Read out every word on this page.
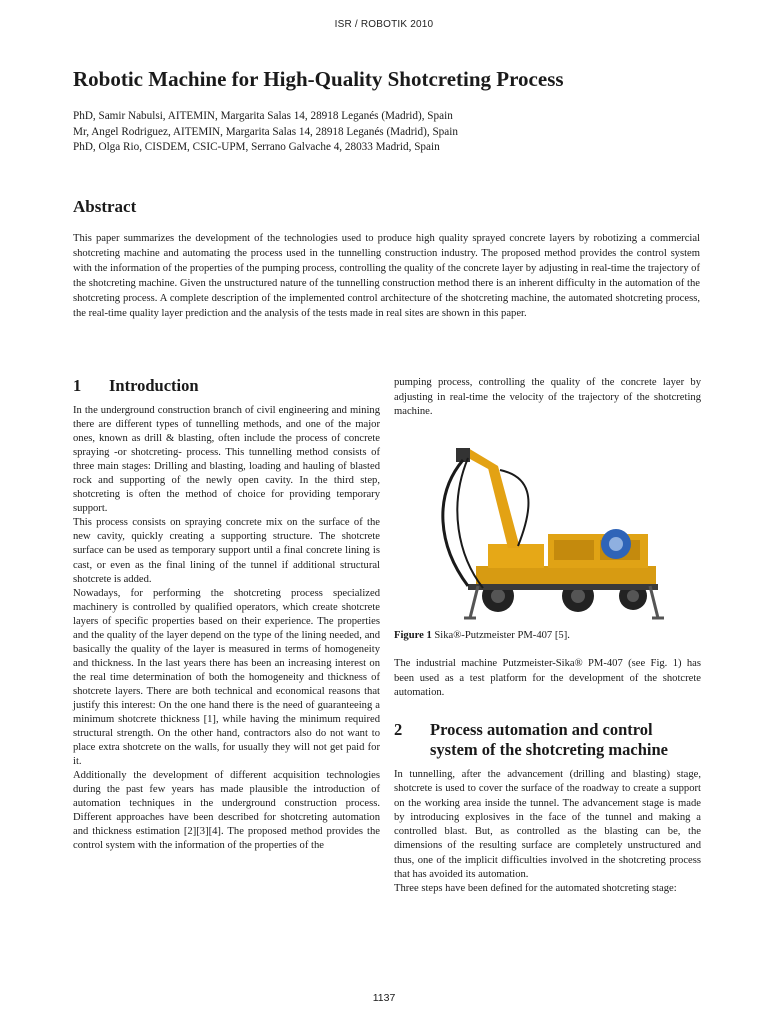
ISR / ROBOTIK 2010
Robotic Machine for High-Quality Shotcreting Process
PhD, Samir Nabulsi, AITEMIN, Margarita Salas 14, 28918 Leganés (Madrid), Spain
Mr, Angel Rodriguez, AITEMIN, Margarita Salas 14, 28918 Leganés (Madrid), Spain
PhD, Olga Rio, CISDEM, CSIC-UPM, Serrano Galvache 4, 28033 Madrid, Spain
Abstract

This paper summarizes the development of the technologies used to produce high quality sprayed concrete layers by robotizing a commercial shotcreting machine and automating the process used in the tunnelling construction industry. The proposed method provides the control system with the information of the properties of the pumping process, controlling the quality of the concrete layer by adjusting in real-time the trajectory of the shotcreting machine. Given the unstructured nature of the tunnelling construction method there is an inherent difficulty in the automation of the shotcreting process. A complete description of the implemented control architecture of the shotcreting machine, the automated shotcreting process, the real-time quality layer prediction and the analysis of the tests made in real sites are shown in this paper.

1 Introduction

In the underground construction branch of civil engineering and mining there are different types of tunnelling methods, and one of the major ones, known as drill & blasting, often include the process of concrete spraying -or shotcreting- process. This tunnelling method consists of three main stages: Drilling and blasting, loading and hauling of blasted rock and supporting of the newly open cavity. In the third step, shotcreting is often the method of choice for providing temporary support.

This process consists on spraying concrete mix on the surface of the new cavity, quickly creating a supporting structure. The shotcrete surface can be used as temporary support until a final concrete lining is cast, or even as the final lining of the tunnel if additional structural shotcrete is added.

Nowadays, for performing the shotcreting process specialized machinery is controlled by qualified operators, which create shotcrete layers of specific properties based on their experience. The properties and the quality of the layer depend on the type of the lining needed, and basically the quality of the layer is measured in terms of homogeneity and thickness. In the last years there has been an increasing interest on the real time determination of both the homogeneity and thickness of shotcrete layers. There are both technical and economical reasons that justify this interest: On the one hand there is the need of guaranteeing a minimum shotcrete thickness [1], while having the minimum required structural strength. On the other hand, contractors also do not want to place extra shotcrete on the walls, for usually they will not get paid for it.

Additionally the development of different acquisition technologies during the past few years has made plausible the introduction of automation techniques in the underground construction process. Different approaches have been described for shotcreting automation and thickness estimation [2][3][4]. The proposed method provides the control system with the information of the properties of the

pumping process, controlling the quality of the concrete layer by adjusting in real-time the velocity of the trajectory of the shotcreting machine.

Figure 1 Sika®-Putzmeister PM-407 [5].

The industrial machine Putzmeister-Sika® PM-407 (see Fig. 1) has been used as a test platform for the development of the shotcrete automation.

2 Process automation and control system of the shotcreting machine

In tunnelling, after the advancement (drilling and blasting) stage, shotcrete is used to cover the surface of the roadway to create a support on the working area inside the tunnel. The advancement stage is made by introducing explosives in the face of the tunnel and making a controlled blast. But, as controlled as the blasting can be, the dimensions of the resulting surface are completely unstructured and thus, one of the implicit difficulties involved in the shotcreting process that has avoided its automation.

Three steps have been defined for the automated shotcreting stage:

1137
